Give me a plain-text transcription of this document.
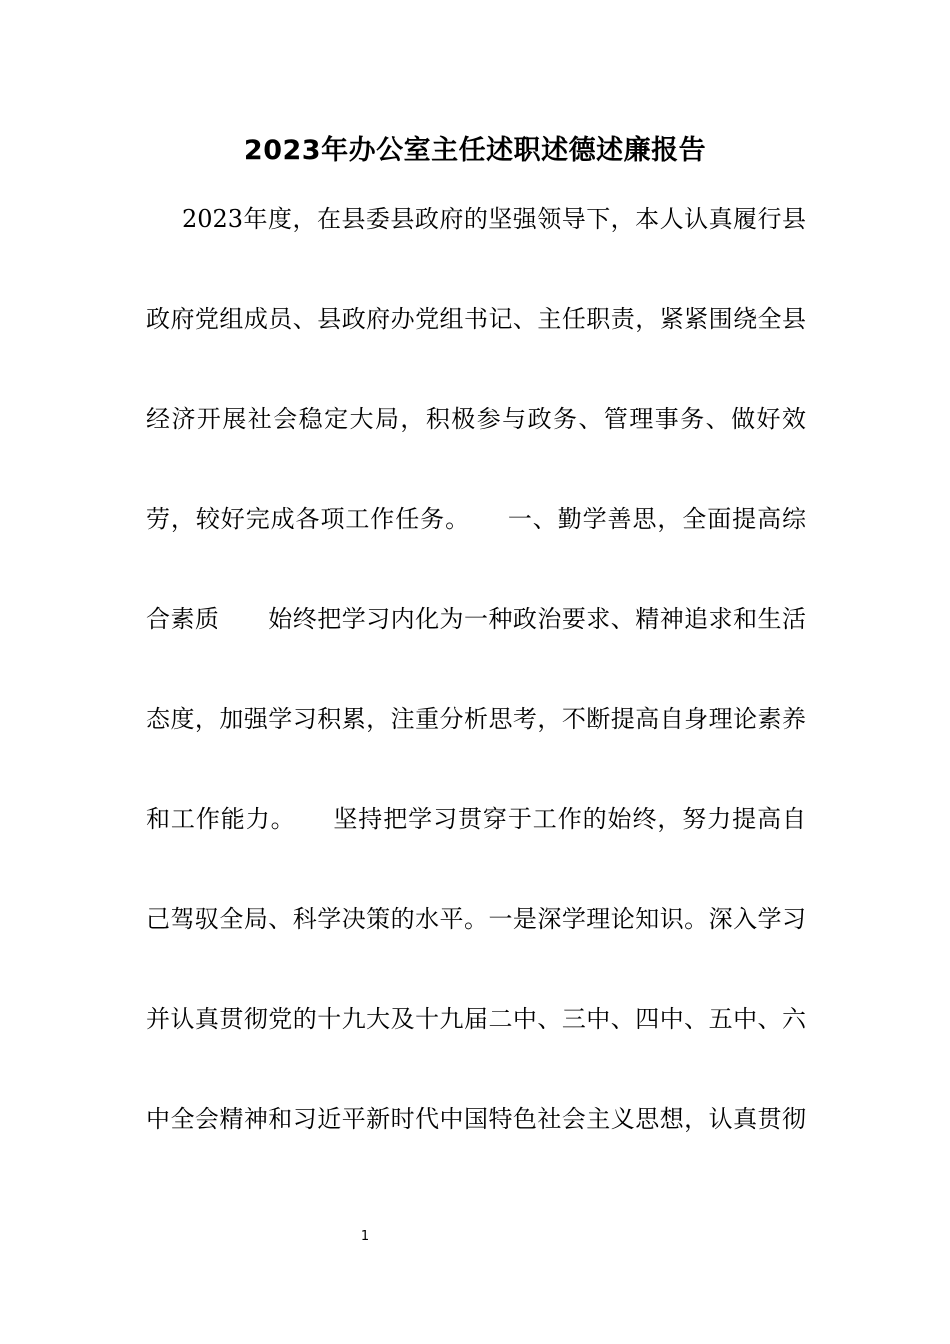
2023年办公室主任述职述德述廉报告
2023年度，在县委县政府的坚强领导下，本人认真履行县
政府党组成员、县政府办党组书记、主任职责，紧紧围绕全县
经济开展社会稳定大局，积极参与政务、管理事务、做好效
劳，较好完成各项工作任务。　　一、勤学善思，全面提高综
合素质　　始终把学习内化为一种政治要求、精神追求和生活
态度，加强学习积累，注重分析思考，不断提高自身理论素养
和工作能力。　　坚持把学习贯穿于工作的始终，努力提高自
己驾驭全局、科学决策的水平。一是深学理论知识。深入学习
并认真贯彻党的十九大及十九届二中、三中、四中、五中、六
中全会精神和习近平新时代中国特色社会主义思想，认真贯彻
1
